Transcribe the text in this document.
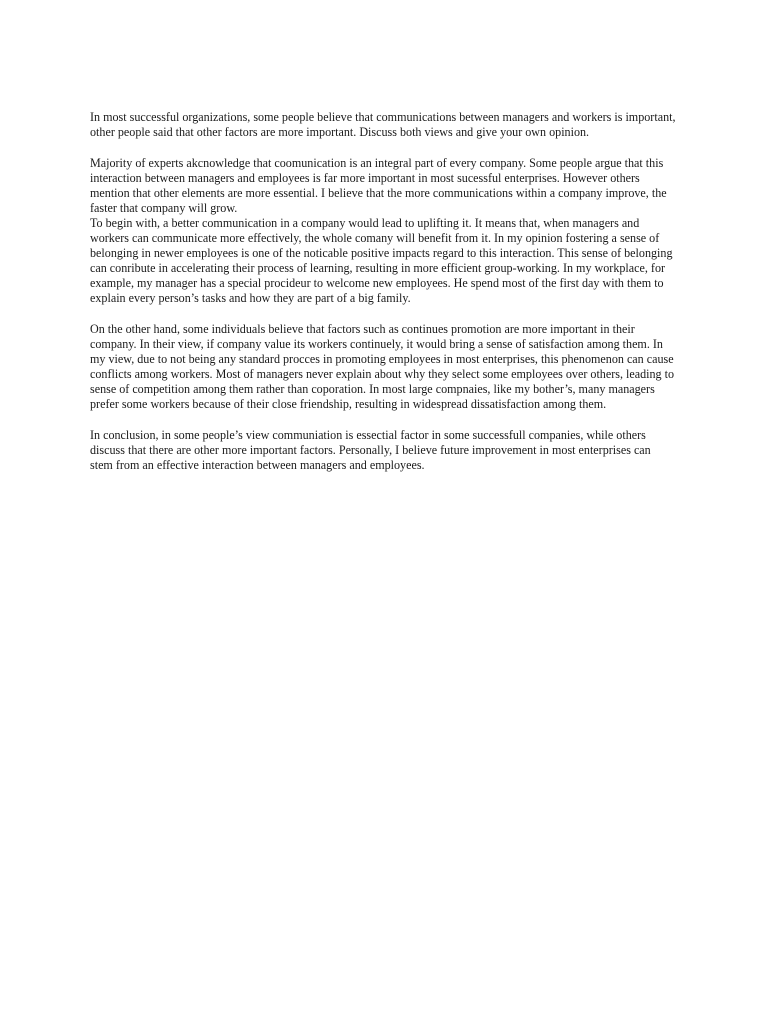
In most successful organizations, some people believe that communications between managers and workers is important, other people said that other factors are more important. Discuss both views and give your own opinion.

Majority of experts akcnowledge that coomunication is an integral part of every company. Some people argue that this interaction between managers and employees is far more important in most sucessful enterprises. However others mention that other elements are more essential. I believe that the more communications within a company improve, the faster that company will grow.

To begin with, a better communication in a company would lead to uplifting it. It means that, when managers and workers can communicate more effectively, the whole comany will benefit from it. In my opinion fostering a sense of belonging in newer employees is one of the noticable positive impacts regard to this interaction. This sense of belonging can conribute in accelerating their process of learning, resulting in more efficient group-working. In my workplace, for example, my manager has a special procideur to welcome new employees. He spend most of the first day with them to explain every person’s tasks and how they are part of a big family.

On the other hand, some individuals believe that factors such as continues promotion are more important in their company. In their view, if company value its workers continuely, it would bring a sense of satisfaction among them. In my view, due to not being any standard procces in promoting employees in most enterprises, this phenomenon can cause conflicts among workers. Most of managers never explain about why they select some employees over others, leading to sense of competition among them rather than coporation. In most large compnaies, like my bother’s, many managers prefer some workers because of their close friendship, resulting in widespread dissatisfaction among them.

In conclusion, in some people’s view communiation is essectial factor in some successfull companies, while others discuss that there are other more important factors. Personally, I believe future improvement in most enterprises can stem from an effective interaction between managers and employees.
